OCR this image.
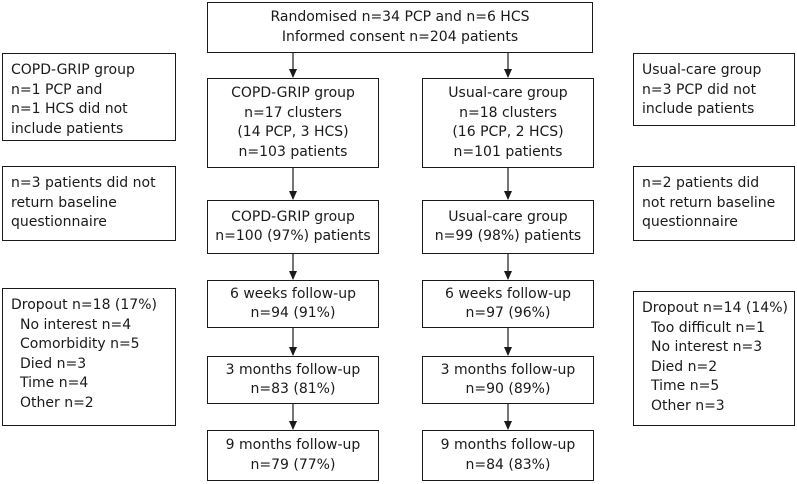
Randomised n=34 PCP and n=6 HCS
Informed consent n=204 patients
COPD-GRIP group
n=1 PCP and
n=1 HCS did not
include patients
n=3 patients did not
return baseline
questionnaire
Dropout n=18 (17%)
No interest n=4
Comorbidity n=5
Died n=3
Time n=4
Other n=2
COPD-GRIP group
n=17 clusters
(14 PCP, 3 HCS)
n=103 patients
COPD-GRIP group
n=100 (97%) patients
6 weeks follow-up
n=94 (91%)
3 months follow-up
n=83 (81%)
9 months follow-up
n=79 (77%)
Usual-care group
n=18 clusters
(16 PCP, 2 HCS)
n=101 patients
Usual-care group
n=99 (98%) patients
6 weeks follow-up
n=97 (96%)
3 months follow-up
n=90 (89%)
9 months follow-up
n=84 (83%)
Usual-care group
n=3 PCP did not
include patients
n=2 patients did
not return baseline
questionnaire
Dropout n=14 (14%)
Too difficult n=1
No interest n=3
Died n=2
Time n=5
Other n=3
